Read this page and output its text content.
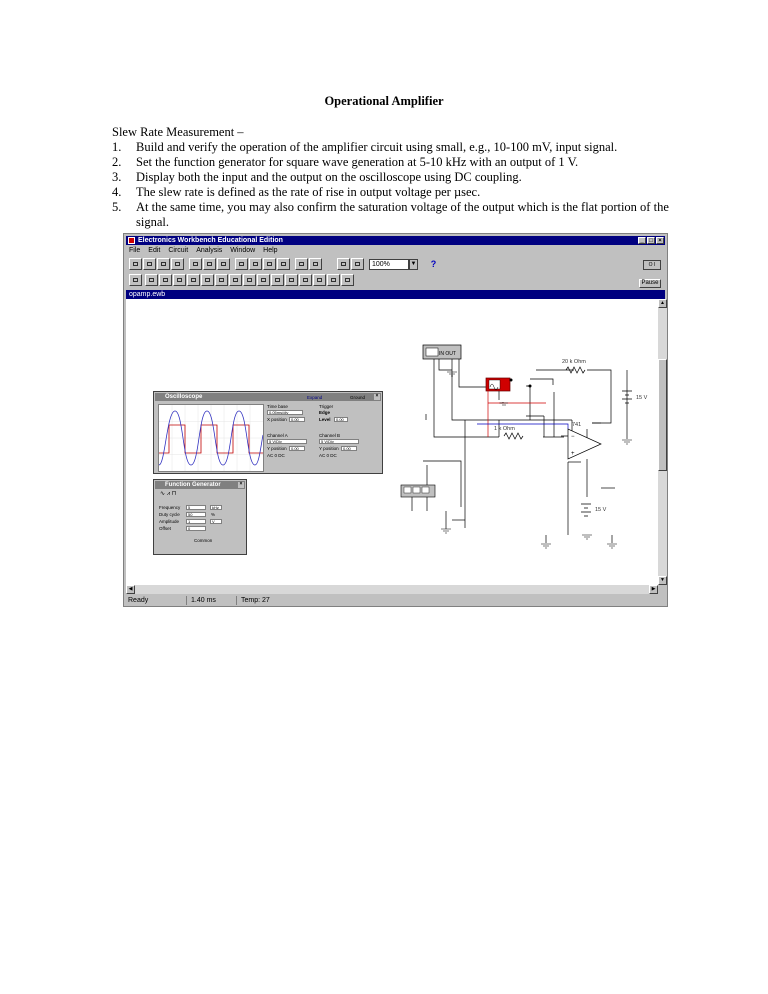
Operational Amplifier
Slew Rate Measurement –
1. Build and verify the operation of the amplifier circuit using small, e.g., 10-100 mV, input signal.
2. Set the function generator for square wave generation at 5-10 kHz with an output of 1 V.
3. Display both the input and the output on the oscilloscope using DC coupling.
4. The slew rate is defined as the rate of rise in output voltage per µsec.
5. At the same time, you may also confirm the saturation voltage of the output which is the flat portion of the signal.
Electronics Workbench Educational Edition	_ □ ×
File Edit Circuit Analysis Window Help
100%	▼	?	O I
Pause
opamp.ewb
IN OUT
20 k Ohm
1 k Ohm
741
−
+
15 V
15 V
Oscilloscope	×
Time base
0.05ms/div
X position	0.00
Expand	Ground
Trigger
Edge
Level	0.00
Channel A
5 V/Div
Y position	0.00
AC 0 DC
Channel B
5 V/Div
Y position	0.00
AC 0 DC
Function Generator	×
∿ ⩘ ⊓
Frequency	5	kHz
Duty cycle	50	%
Amplitude	1	V
Offset	0
Common
▲
▼
◀	▶
Ready	1.40 ms	Temp: 27
